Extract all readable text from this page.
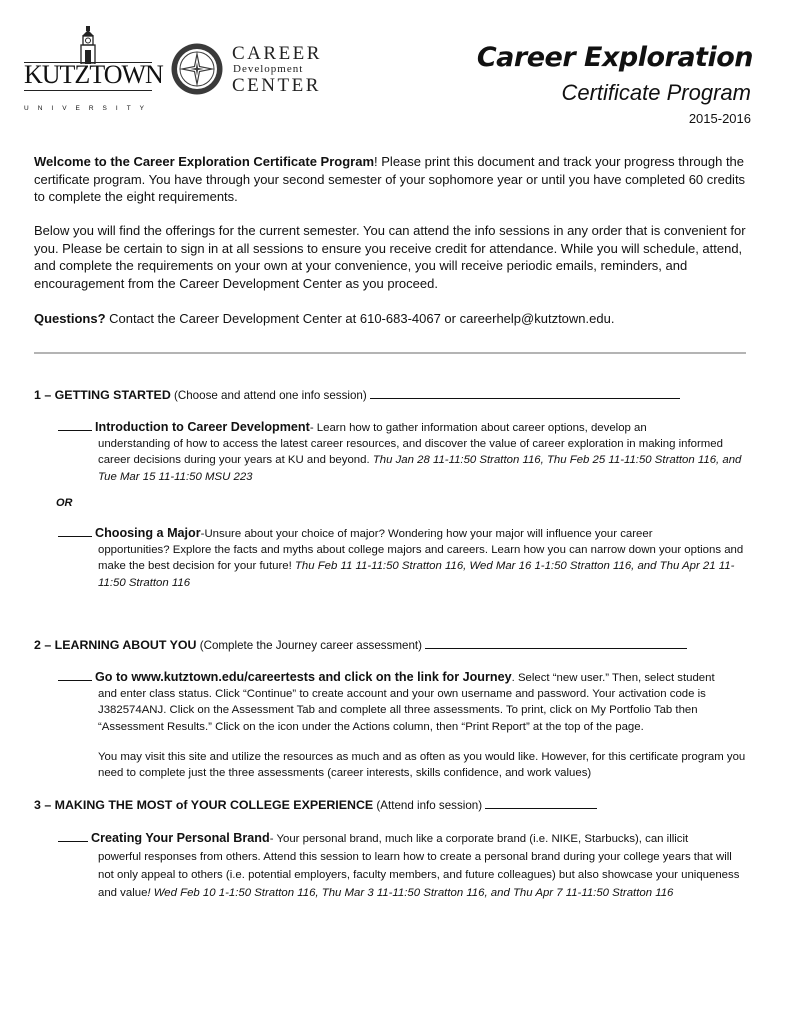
KUTZTOWN
UNIVERSITY
CAREER
Development
CENTER
Career Exploration
Certificate Program
2015-2016
Welcome to the Career Exploration Certificate Program! Please print this document and track your progress through the certificate program. You have through your second semester of your sophomore year or until you have completed 60 credits to complete the eight requirements.
Below you will find the offerings for the current semester. You can attend the info sessions in any order that is convenient for you. Please be certain to sign in at all sessions to ensure you receive credit for attendance. While you will schedule, attend, and complete the requirements on your own at your convenience, you will receive periodic emails, reminders, and encouragement from the Career Development Center as you proceed.
Questions? Contact the Career Development Center at 610-683-4067 or careerhelp@kutztown.edu.
1 – GETTING STARTED (Choose and attend one info session)
Introduction to Career Development- Learn how to gather information about career options, develop an
understanding of how to access the latest career resources, and discover the value of career exploration in making informed career decisions during your years at KU and beyond. Thu Jan 28 11-11:50 Stratton 116, Thu Feb 25 11-11:50 Stratton 116, and Tue Mar 15 11-11:50 MSU 223
OR
Choosing a Major-Unsure about your choice of major? Wondering how your major will influence your career
opportunities? Explore the facts and myths about college majors and careers. Learn how you can narrow down your options and make the best decision for your future! Thu Feb 11 11-11:50 Stratton 116, Wed Mar 16 1-1:50 Stratton 116, and Thu Apr 21 11-11:50 Stratton 116
2 – LEARNING ABOUT YOU (Complete the Journey career assessment)
Go to www.kutztown.edu/careertests and click on the link for Journey. Select “new user.” Then, select student
and enter class status. Click “Continue” to create account and your own username and password. Your activation code is J382574ANJ. Click on the Assessment Tab and complete all three assessments. To print, click on My Portfolio Tab then “Assessment Results.” Click on the icon under the Actions column, then “Print Report” at the top of the page.
You may visit this site and utilize the resources as much and as often as you would like. However, for this certificate program you need to complete just the three assessments (career interests, skills confidence, and work values)
3 – MAKING THE MOST of YOUR COLLEGE EXPERIENCE (Attend info session)
Creating Your Personal Brand- Your personal brand, much like a corporate brand (i.e. NIKE, Starbucks), can illicit
powerful responses from others. Attend this session to learn how to create a personal brand during your college years that will not only appeal to others (i.e. potential employers, faculty members, and future colleagues) but also showcase your uniqueness and value! Wed Feb 10 1-1:50 Stratton 116, Thu Mar 3 11-11:50 Stratton 116, and Thu Apr 7 11-11:50 Stratton 116
